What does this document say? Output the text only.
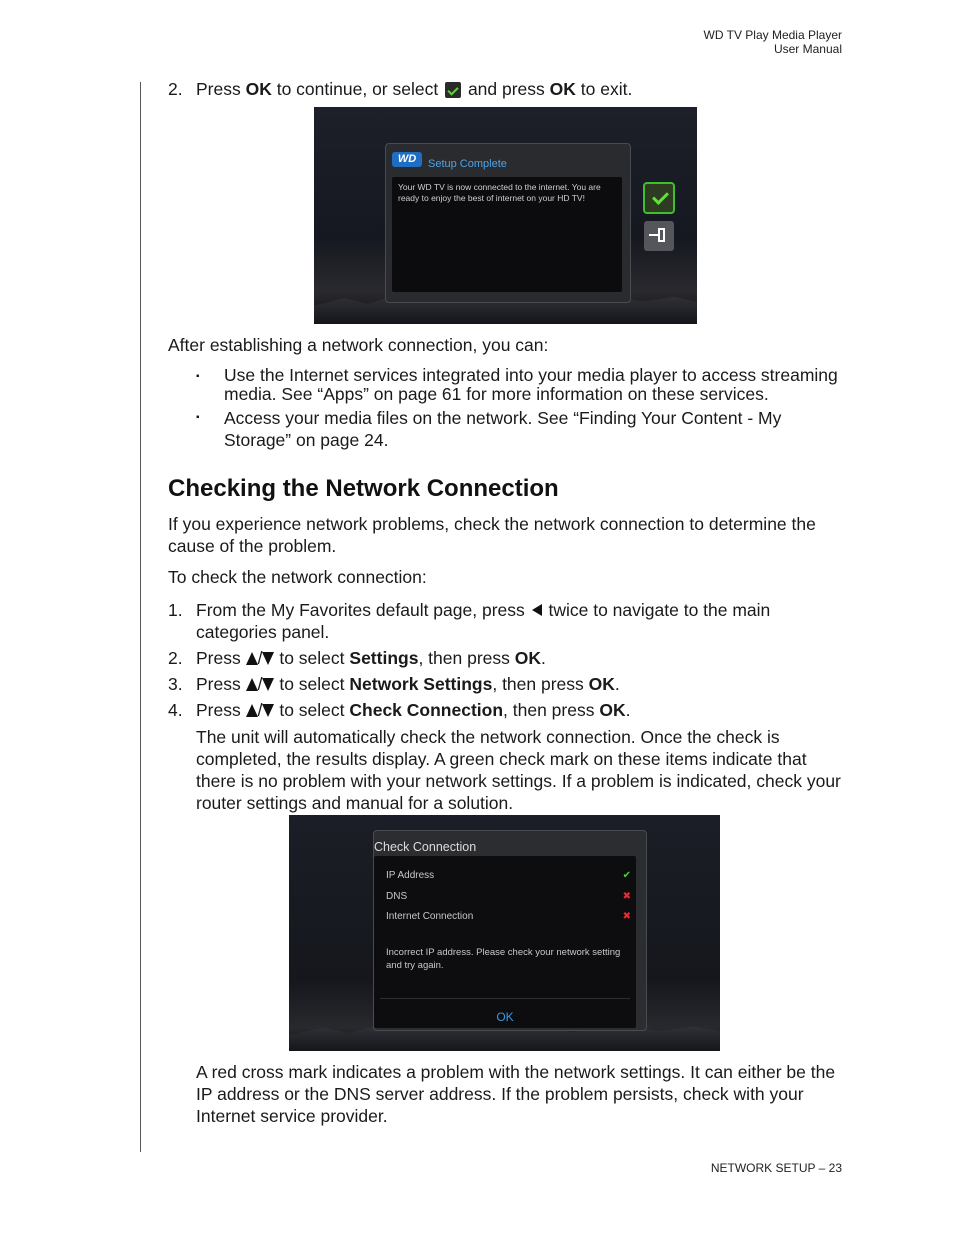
WD TV Play Media Player
User Manual
2. Press OK to continue, or select  and press OK to exit.
WD	Setup Complete
Your WD TV is now connected to the internet. You are ready to enjoy the best of internet on your HD TV!

After establishing a network connection, you can:

▪	Use the Internet services integrated into your media player to access streaming media. See “Apps” on page 61 for more information on these services.
▪	Access your media files on the network. See “Finding Your Content - My Storage” on page 24.
Checking the Network Connection

If you experience network problems, check the network connection to determine the cause of the problem.

To check the network connection:

1. From the My Favorites default page, press  twice to navigate to the main categories panel.
2. Press / to select Settings, then press OK.
3. Press / to select Network Settings, then press OK.
4. Press / to select Check Connection, then press OK.

The unit will automatically check the network connection. Once the check is completed, the results display. A green check mark on these items indicate that there is no problem with your network settings. If a problem is indicated, check your router settings and manual for a solution.

Check Connection
IP Address	✔
DNS	✖
Internet Connection	✖
Incorrect IP address. Please check your network setting and try again.
OK

A red cross mark indicates a problem with the network settings. It can either be the IP address or the DNS server address. If the problem persists, check with your Internet service provider.

NETWORK SETUP – 23
